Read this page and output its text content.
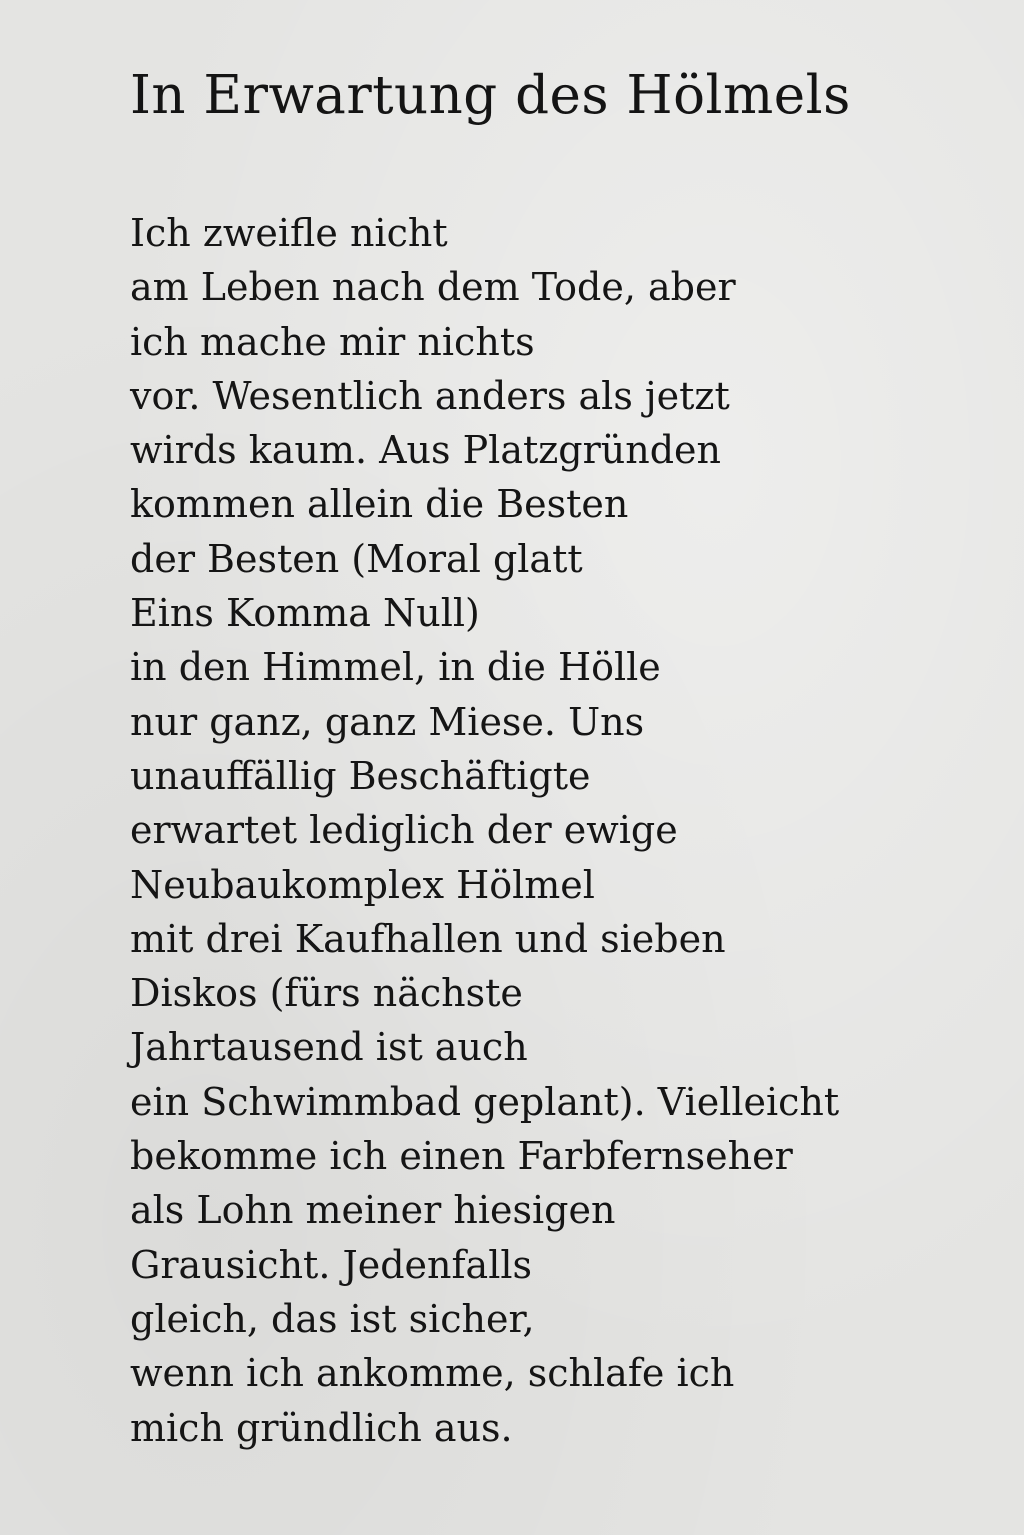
In Erwartung des Hölmels
Ich zweifle nicht
am Leben nach dem Tode, aber
ich mache mir nichts
vor. Wesentlich anders als jetzt
wirds kaum. Aus Platzgründen
kommen allein die Besten
der Besten (Moral glatt
Eins Komma Null)
in den Himmel, in die Hölle
nur ganz, ganz Miese. Uns
unauffällig Beschäftigte
erwartet lediglich der ewige
Neubaukomplex Hölmel
mit drei Kaufhallen und sieben
Diskos (fürs nächste
Jahrtausend ist auch
ein Schwimmbad geplant). Vielleicht
bekomme ich einen Farbfernseher
als Lohn meiner hiesigen
Grausicht. Jedenfalls
gleich, das ist sicher,
wenn ich ankomme, schlafe ich
mich gründlich aus.
